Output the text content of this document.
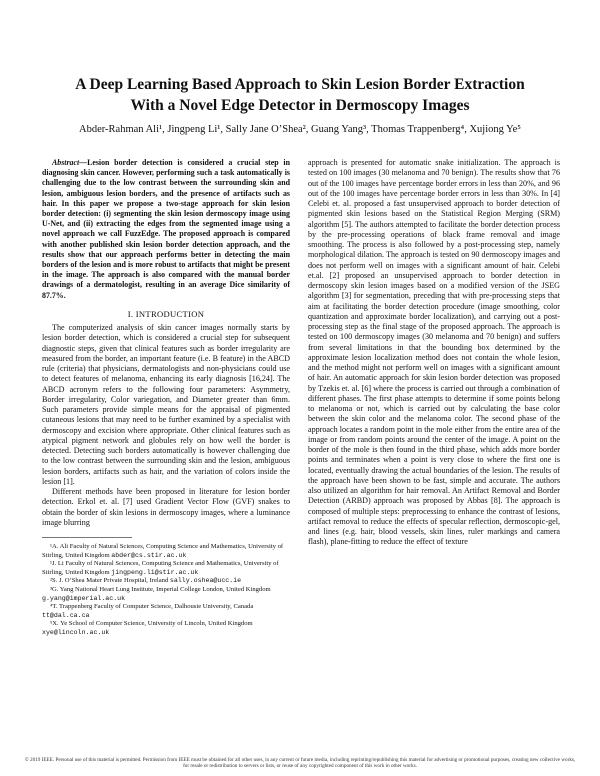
A Deep Learning Based Approach to Skin Lesion Border Extraction
With a Novel Edge Detector in Dermoscopy Images
Abder-Rahman Ali¹, Jingpeng Li¹, Sally Jane O’Shea², Guang Yang³, Thomas Trappenberg⁴, Xujiong Ye⁵

Abstract—Lesion border detection is considered a crucial step in diagnosing skin cancer. However, performing such a task automatically is challenging due to the low contrast between the surrounding skin and lesion, ambiguous lesion borders, and the presence of artifacts such as hair. In this paper we propose a two-stage approach for skin lesion border detection: (i) segmenting the skin lesion dermoscopy image using U-Net, and (ii) extracting the edges from the segmented image using a novel approach we call FuzzEdge. The proposed approach is compared with another published skin lesion border detection approach, and the results show that our approach performs better in detecting the main borders of the lesion and is more robust to artifacts that might be present in the image. The approach is also compared with the manual border drawings of a dermatologist, resulting in an average Dice similarity of 87.7%.

I. INTRODUCTION

The computerized analysis of skin cancer images normally starts by lesion border detection, which is considered a crucial step for subsequent diagnostic steps, given that clinical features such as border irregularity are measured from the border, an important feature (i.e. B feature) in the ABCD rule (criteria) that physicians, dermatologists and non-physicians could use to detect features of melanoma, enhancing its early diagnosis [16,24]. The ABCD acronym refers to the following four parameters: Asymmetry, Border irregularity, Color variegation, and Diameter greater than 6mm. Such parameters provide simple means for the appraisal of pigmented cutaneous lesions that may need to be further examined by a specialist with dermoscopy and excision where appropriate. Other clinical features such as atypical pigment network and globules rely on how well the border is detected. Detecting such borders automatically is however challenging due to the low contrast between the surrounding skin and the lesion, ambiguous lesion borders, artifacts such as hair, and the variation of colors inside the lesion [1].

Different methods have been proposed in literature for lesion border detection. Erkol et. al. [7] used Gradient Vector Flow (GVF) snakes to obtain the border of skin lesions in dermoscopy images, where a luminance image blurring

¹A. Ali Faculty of Natural Sciences, Computing Science and Mathematics, University of Stirling, United Kingdom abder@cs.stir.ac.uk

¹J. Li Faculty of Natural Sciences, Computing Science and Mathematics, University of Stirling, United Kingdom jingpeng.li@stir.ac.uk

²S. J. O’Shea Mater Private Hospital, Ireland sally.oshea@ucc.ie

³G. Yang National Heart Lung Institute, Imperial College London, United Kingdom g.yang@imperial.ac.uk

⁴T. Trappenberg Faculty of Computer Science, Dalhousie University, Canada tt@dal.ca.ca

⁵X. Ye School of Computer Science, University of Lincoln, United Kingdom xye@lincoln.ac.uk

approach is presented for automatic snake initialization. The approach is tested on 100 images (30 melanoma and 70 benign). The results show that 76 out of the 100 images have percentage border errors in less than 20%, and 96 out of the 100 images have percentage border errors in less than 30%. In [4] Celebi et. al. proposed a fast unsupervised approach to border detection of pigmented skin lesions based on the Statistical Region Merging (SRM) algorithm [5]. The authors attempted to facilitate the border detection process by the pre-processing operations of black frame removal and image smoothing. The process is also followed by a post-processing step, namely morphological dilation. The approach is tested on 90 dermoscopy images and does not perform well on images with a significant amount of hair. Celebi et.al. [2] proposed an unsupervised approach to border detection in dermoscopy skin lesion images based on a modified version of the JSEG algorithm [3] for segmentation, preceding that with pre-processing steps that aim at facilitating the border detection procedure (image smoothing, color quantization and approximate border localization), and carrying out a post-processing step as the final stage of the proposed approach. The approach is tested on 100 dermoscopy images (30 melanoma and 70 benign) and suffers from several limitations in that the bounding box determined by the approximate lesion localization method does not contain the whole lesion, and the method might not perform well on images with a significant amount of hair. An automatic approach for skin lesion border detection was proposed by Tzekis et. al. [6] where the process is carried out through a combination of different phases. The first phase attempts to determine if some points belong to melanoma or not, which is carried out by calculating the base color between the skin color and the melanoma color. The second phase of the approach locates a random point in the mole either from the entire area of the image or from random points around the center of the image. A point on the border of the mole is then found in the third phase, which adds more border points and terminates when a point is very close to where the first one is located, eventually drawing the actual boundaries of the lesion. The results of the approach have been shown to be fast, simple and accurate. The authors also utilized an algorithm for hair removal. An Artifact Removal and Border Detection (ARBD) approach was proposed by Abbas [8]. The approach is composed of multiple steps: preprocessing to enhance the contrast of lesions, artifact removal to reduce the effects of specular reflection, dermoscopic-gel, and lines (e.g. hair, blood vessels, skin lines, ruler markings and camera flash), plane-fitting to reduce the effect of texture

© 2019 IEEE. Personal use of this material is permitted. Permission from IEEE must be obtained for all other uses, in any current or future media, including reprinting/republishing this material for advertising or promotional purposes, creating new collective works, for resale or redistribution to servers or lists, or reuse of any copyrighted component of this work in other works.
